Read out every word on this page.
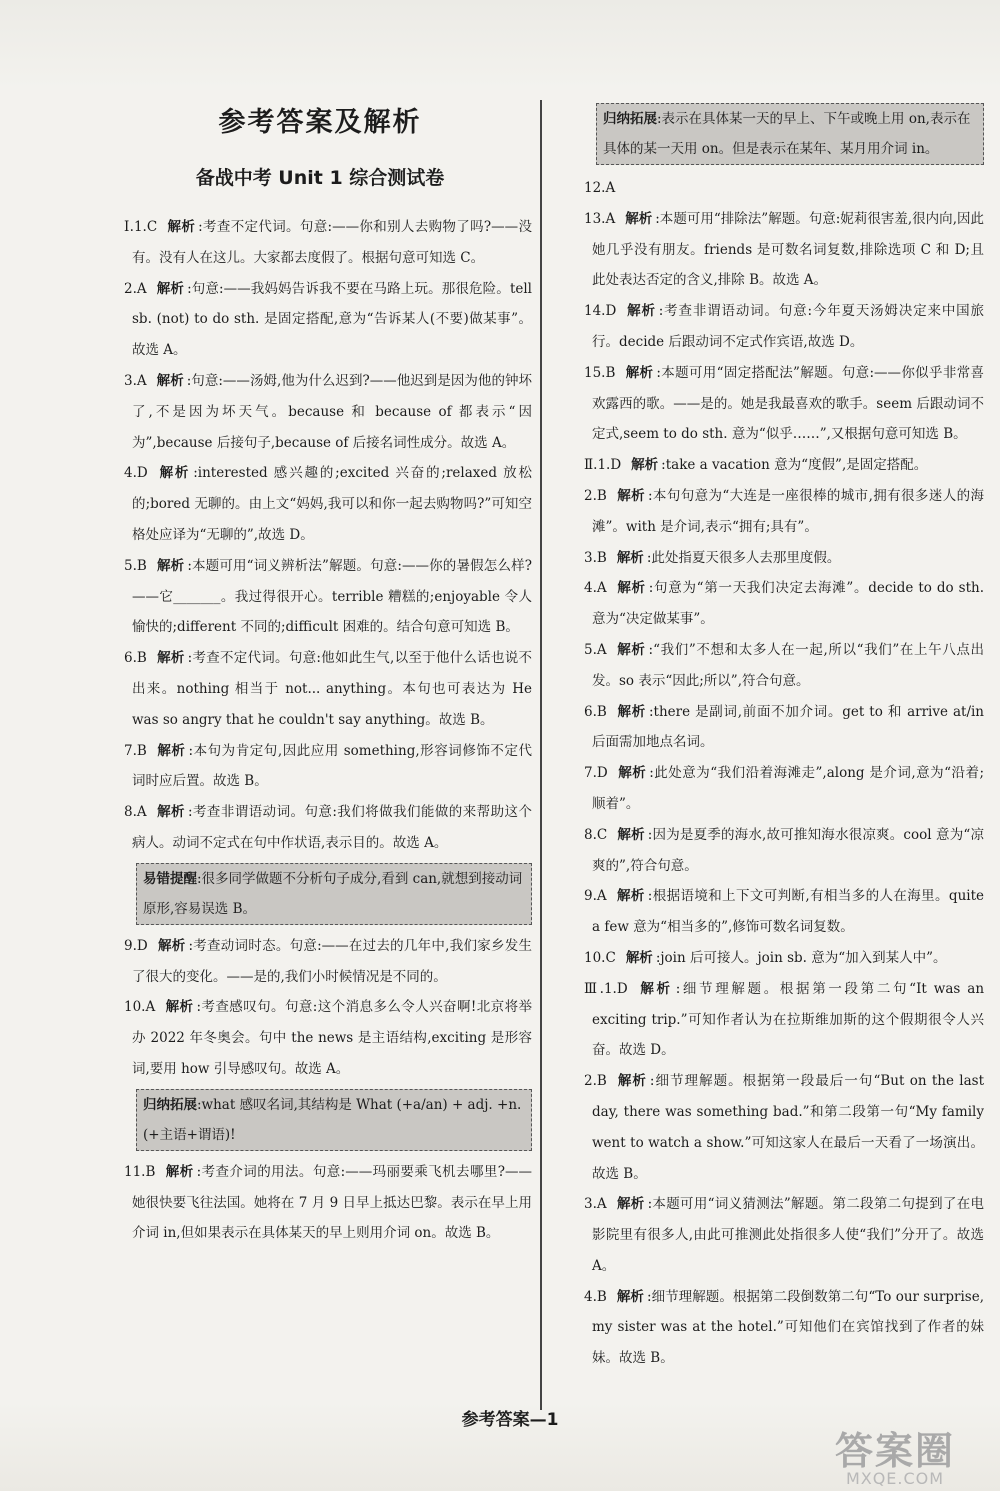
参考答案及解析
备战中考 Unit 1 综合测试卷
Ⅰ.1.C 解析 :考查不定代词。句意:——你和别人去购物了吗?——没有。没有人在这儿。大家都去度假了。根据句意可知选 C。
2.A 解析 :句意:——我妈妈告诉我不要在马路上玩。那很危险。tell sb. (not) to do sth. 是固定搭配,意为“告诉某人(不要)做某事”。故选 A。
3.A 解析 :句意:——汤姆,他为什么迟到?——他迟到是因为他的钟坏了,不是因为坏天气。because 和 because of 都表示“因为”,because 后接句子,because of 后接名词性成分。故选 A。
4.D 解析 :interested 感兴趣的;excited 兴奋的;relaxed 放松的;bored 无聊的。由上文“妈妈,我可以和你一起去购物吗?”可知空格处应译为“无聊的”,故选 D。
5.B 解析 :本题可用“词义辨析法”解题。句意:——你的暑假怎么样?——它_______。我过得很开心。terrible 糟糕的;enjoyable 令人愉快的;different 不同的;difficult 困难的。结合句意可知选 B。
6.B 解析 :考查不定代词。句意:他如此生气,以至于他什么话也说不出来。nothing 相当于 not... anything。本句也可表达为 He was so angry that he couldn't say anything。故选 B。
7.B 解析 :本句为肯定句,因此应用 something,形容词修饰不定代词时应后置。故选 B。
8.A 解析 :考查非谓语动词。句意:我们将做我们能做的来帮助这个病人。动词不定式在句中作状语,表示目的。故选 A。
易错提醒:很多同学做题不分析句子成分,看到 can,就想到接动词原形,容易误选 B。
9.D 解析 :考查动词时态。句意:——在过去的几年中,我们家乡发生了很大的变化。——是的,我们小时候情况是不同的。
10.A 解析 :考查感叹句。句意:这个消息多么令人兴奋啊!北京将举办 2022 年冬奥会。句中 the news 是主语结构,exciting 是形容词,要用 how 引导感叹句。故选 A。
归纳拓展:what 感叹名词,其结构是 What (+a/an) + adj. +n. (+主语+谓语)!
11.B 解析 :考查介词的用法。句意:——玛丽要乘飞机去哪里?——她很快要飞往法国。她将在 7 月 9 日早上抵达巴黎。表示在早上用介词 in,但如果表示在具体某天的早上则用介词 on。故选 B。
归纳拓展:表示在具体某一天的早上、下午或晚上用 on,表示在具体的某一天用 on。但是表示在某年、某月用介词 in。
12.A
13.A 解析 :本题可用“排除法”解题。句意:妮莉很害羞,很内向,因此她几乎没有朋友。friends 是可数名词复数,排除选项 C 和 D;且此处表达否定的含义,排除 B。故选 A。
14.D 解析 :考查非谓语动词。句意:今年夏天汤姆决定来中国旅行。decide 后跟动词不定式作宾语,故选 D。
15.B 解析 :本题可用“固定搭配法”解题。句意:——你似乎非常喜欢露西的歌。——是的。她是我最喜欢的歌手。seem 后跟动词不定式,seem to do sth. 意为“似乎……”,又根据句意可知选 B。
Ⅱ.1.D 解析 :take a vacation 意为“度假”,是固定搭配。
2.B 解析 :本句句意为“大连是一座很棒的城市,拥有很多迷人的海滩”。with 是介词,表示“拥有;具有”。
3.B 解析 :此处指夏天很多人去那里度假。
4.A 解析 :句意为“第一天我们决定去海滩”。decide to do sth. 意为“决定做某事”。
5.A 解析 :“我们”不想和太多人在一起,所以“我们”在上午八点出发。so 表示“因此;所以”,符合句意。
6.B 解析 :there 是副词,前面不加介词。get to 和 arrive at/in 后面需加地点名词。
7.D 解析 :此处意为“我们沿着海滩走”,along 是介词,意为“沿着;顺着”。
8.C 解析 :因为是夏季的海水,故可推知海水很凉爽。cool 意为“凉爽的”,符合句意。
9.A 解析 :根据语境和上下文可判断,有相当多的人在海里。quite a few 意为“相当多的”,修饰可数名词复数。
10.C 解析 :join 后可接人。join sb. 意为“加入到某人中”。
Ⅲ.1.D 解析 :细节理解题。根据第一段第二句“It was an exciting trip.”可知作者认为在拉斯维加斯的这个假期很令人兴奋。故选 D。
2.B 解析 :细节理解题。根据第一段最后一句“But on the last day, there was something bad.”和第二段第一句“My family went to watch a show.”可知这家人在最后一天看了一场演出。故选 B。
3.A 解析 :本题可用“词义猜测法”解题。第二段第二句提到了在电影院里有很多人,由此可推测此处指很多人使“我们”分开了。故选 A。
4.B 解析 :细节理解题。根据第二段倒数第二句“To our surprise, my sister was at the hotel.”可知他们在宾馆找到了作者的妹妹。故选 B。
参考答案—1
答案圈
MXQE.COM
